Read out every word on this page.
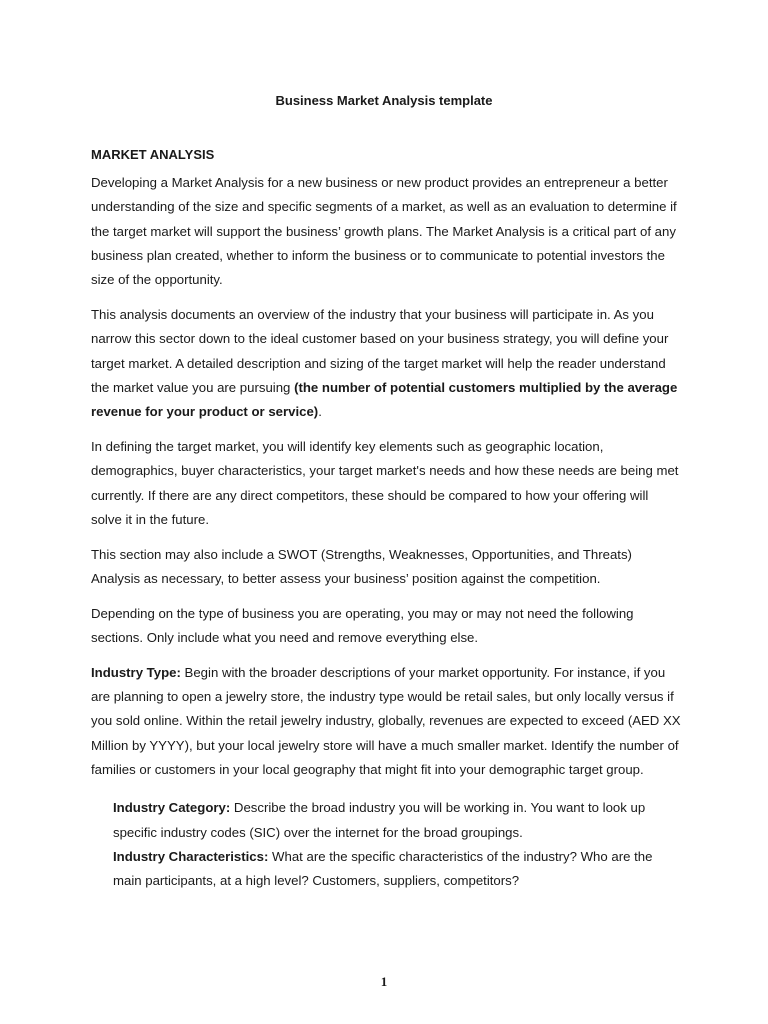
Business Market Analysis template
MARKET ANALYSIS

Developing a Market Analysis for a new business or new product provides an entrepreneur a better understanding of the size and specific segments of a market, as well as an evaluation to determine if the target market will support the business’ growth plans. The Market Analysis is a critical part of any business plan created, whether to inform the business or to communicate to potential investors the size of the opportunity.

This analysis documents an overview of the industry that your business will participate in. As you narrow this sector down to the ideal customer based on your business strategy, you will define your target market. A detailed description and sizing of the target market will help the reader understand the market value you are pursuing (the number of potential customers multiplied by the average revenue for your product or service).

In defining the target market, you will identify key elements such as geographic location, demographics, buyer characteristics, your target market's needs and how these needs are being met currently. If there are any direct competitors, these should be compared to how your offering will solve it in the future.

This section may also include a SWOT (Strengths, Weaknesses, Opportunities, and Threats) Analysis as necessary, to better assess your business’ position against the competition.

Depending on the type of business you are operating, you may or may not need the following sections. Only include what you need and remove everything else.

Industry Type: Begin with the broader descriptions of your market opportunity. For instance, if you are planning to open a jewelry store, the industry type would be retail sales, but only locally versus if you sold online. Within the retail jewelry industry, globally, revenues are expected to exceed (AED XX Million by YYYY), but your local jewelry store will have a much smaller market. Identify the number of families or customers in your local geography that might fit into your demographic target group.

Industry Category: Describe the broad industry you will be working in. You want to look up specific industry codes (SIC) over the internet for the broad groupings.

Industry Characteristics: What are the specific characteristics of the industry? Who are the main participants, at a high level? Customers, suppliers, competitors?

1
